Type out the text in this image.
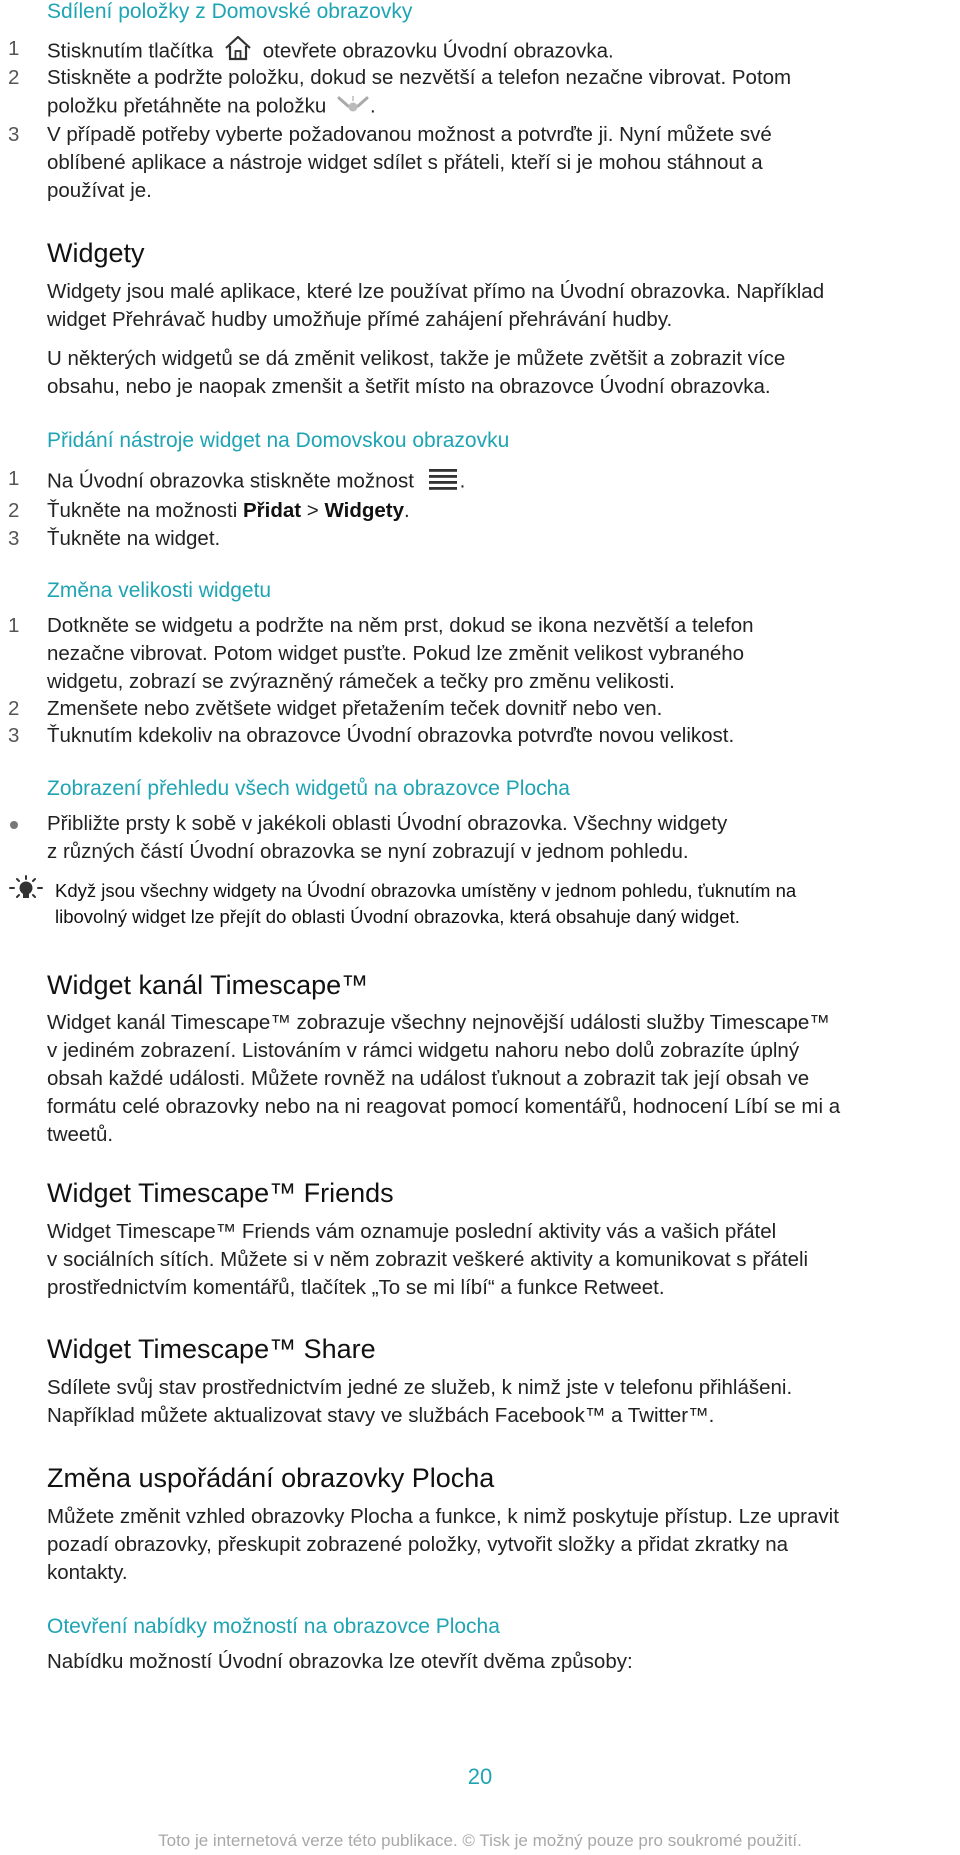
Sdílení položky z Domovské obrazovky
1	Stisknutím tlačítka otevřete obrazovku Úvodní obrazovka.
2	Stiskněte a podržte položku, dokud se nezvětší a telefon nezačne vibrovat. Potom
položku přetáhněte na položku .
3	V případě potřeby vyberte požadovanou možnost a potvrďte ji. Nyní můžete své
oblíbené aplikace a nástroje widget sdílet s přáteli, kteří si je mohou stáhnout a
používat je.
Widgety
Widgety jsou malé aplikace, které lze používat přímo na Úvodní obrazovka. Například
widget Přehrávač hudby umožňuje přímé zahájení přehrávání hudby.
U některých widgetů se dá změnit velikost, takže je můžete zvětšit a zobrazit více
obsahu, nebo je naopak zmenšit a šetřit místo na obrazovce Úvodní obrazovka.
Přidání nástroje widget na Domovskou obrazovku
1	Na Úvodní obrazovka stiskněte možnost .
2	Ťukněte na možnosti Přidat > Widgety.
3	Ťukněte na widget.
Změna velikosti widgetu
1	Dotkněte se widgetu a podržte na něm prst, dokud se ikona nezvětší a telefon
nezačne vibrovat. Potom widget pusťte. Pokud lze změnit velikost vybraného
widgetu, zobrazí se zvýrazněný rámeček a tečky pro změnu velikosti.
2	Zmenšete nebo zvětšete widget přetažením teček dovnitř nebo ven.
3	Ťuknutím kdekoliv na obrazovce Úvodní obrazovka potvrďte novou velikost.
Zobrazení přehledu všech widgetů na obrazovce Plocha
Přibližte prsty k sobě v jakékoli oblasti Úvodní obrazovka. Všechny widgety
z různých částí Úvodní obrazovka se nyní zobrazují v jednom pohledu.
Když jsou všechny widgety na Úvodní obrazovka umístěny v jednom pohledu, ťuknutím na
libovolný widget lze přejít do oblasti Úvodní obrazovka, která obsahuje daný widget.
Widget kanál Timescape™
Widget kanál Timescape™ zobrazuje všechny nejnovější události služby Timescape™
v jediném zobrazení. Listováním v rámci widgetu nahoru nebo dolů zobrazíte úplný
obsah každé události. Můžete rovněž na událost ťuknout a zobrazit tak její obsah ve
formátu celé obrazovky nebo na ni reagovat pomocí komentářů, hodnocení Líbí se mi a
tweetů.
Widget Timescape™ Friends
Widget Timescape™ Friends vám oznamuje poslední aktivity vás a vašich přátel
v sociálních sítích. Můžete si v něm zobrazit veškeré aktivity a komunikovat s přáteli
prostřednictvím komentářů, tlačítek „To se mi líbí“ a funkce Retweet.
Widget Timescape™ Share
Sdílete svůj stav prostřednictvím jedné ze služeb, k nimž jste v telefonu přihlášeni.
Například můžete aktualizovat stavy ve službách Facebook™ a Twitter™.
Změna uspořádání obrazovky Plocha
Můžete změnit vzhled obrazovky Plocha a funkce, k nimž poskytuje přístup. Lze upravit
pozadí obrazovky, přeskupit zobrazené položky, vytvořit složky a přidat zkratky na
kontakty.
Otevření nabídky možností na obrazovce Plocha
Nabídku možností Úvodní obrazovka lze otevřít dvěma způsoby:
20
Toto je internetová verze této publikace. © Tisk je možný pouze pro soukromé použití.
